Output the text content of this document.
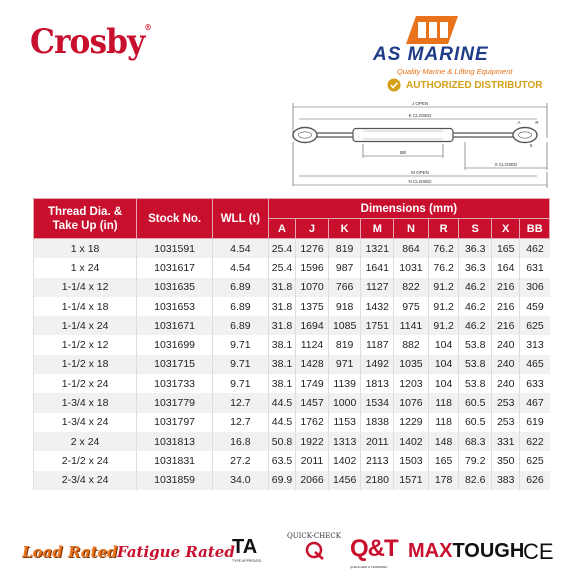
Crosby®
AS MARINE
Quality Marine & Lifting Equipment
AUTHORIZED DISTRIBUTOR
J OPEN
K CLOSED
BB
X CLOSED
M OPEN
N CLOSED
A	R
S
Thread Dia. & Take Up (in)	Stock No.	WLL (t)	Dimensions (mm)								
			A	J	K	M	N	R	S	X	BB
1 x 18	1031591	4.54	25.4	1276	819	1321	864	76.2	36.3	165	462
1 x 24	1031617	4.54	25.4	1596	987	1641	1031	76.2	36.3	164	631
1-1/4 x 12	1031635	6.89	31.8	1070	766	1127	822	91.2	46.2	216	306
1-1/4 x 18	1031653	6.89	31.8	1375	918	1432	975	91.2	46.2	216	459
1-1/4 x 24	1031671	6.89	31.8	1694	1085	1751	1141	91.2	46.2	216	625
1-1/2 x 12	1031699	9.71	38.1	1124	819	1187	882	104	53.8	240	313
1-1/2 x 18	1031715	9.71	38.1	1428	971	1492	1035	104	53.8	240	465
1-1/2 x 24	1031733	9.71	38.1	1749	1139	1813	1203	104	53.8	240	633
1-3/4 x 18	1031779	12.7	44.5	1457	1000	1534	1076	118	60.5	253	467
1-3/4 x 24	1031797	12.7	44.5	1762	1153	1838	1229	118	60.5	253	619
2 x 24	1031813	16.8	50.8	1922	1313	2011	1402	148	68.3	331	622
2-1/2 x 24	1031831	27.2	63.5	2011	1402	2113	1503	165	79.2	350	625
2-3/4 x 24	1031859	34.0	69.9	2066	1456	2180	1571	178	82.6	383	626
Load Rated Fatigue Rated
TA
TYPE APPROVED
QUICK-CHECK Q&T
QUENCHED & TEMPERED
MAXTOUGH
CE
